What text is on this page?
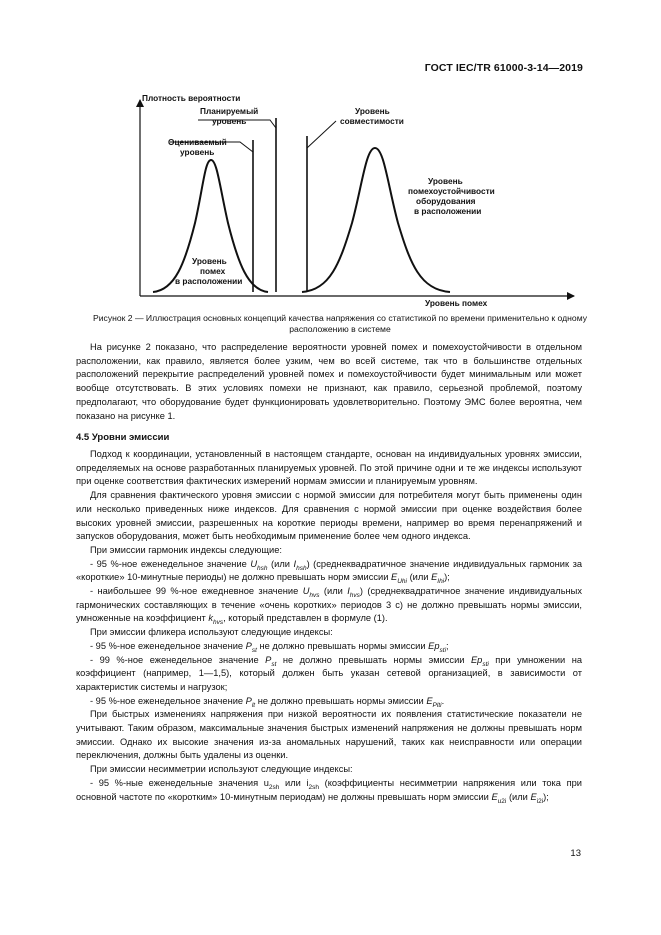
ГОСТ IEC/TR 61000-3-14—2019
Плотность вероятности
Уровень помех
Планируемый уровень
Оцениваемый уровень
Уровень совместимости
Уровень помехоустойчивости оборудования в расположении
Уровень помех в расположении
Рисунок 2 — Иллюстрация основных концепций качества напряжения со статистикой по времени применительно к одному расположению в системе

На рисунке 2 показано, что распределение вероятности уровней помех и помехоустойчивости в отдельном расположении, как правило, является более узким, чем во всей системе, так что в большинстве отдельных расположений перекрытие распределений уровней помех и помехоустойчивости будет минимальным или может вообще отсутствовать. В этих условиях помехи не признают, как правило, серьезной проблемой, поэтому предполагают, что оборудование будет функционировать удовлетворительно. Поэтому ЭМС более вероятна, чем показано на рисунке 1.

4.5 Уровни эмиссии

Подход к координации, установленный в настоящем стандарте, основан на индивидуальных уровнях эмиссии, определяемых на основе разработанных планируемых уровней. По этой причине одни и те же индексы используют при оценке соответствия фактических измерений нормам эмиссии и планируемым уровням.

Для сравнения фактического уровня эмиссии с нормой эмиссии для потребителя могут быть применены один или несколько приведенных ниже индексов. Для сравнения с нормой эмиссии при оценке воздействия более высоких уровней эмиссии, разрешенных на короткие периоды времени, например во время перенапряжений и запусков оборудования, может быть необходимым применение более чем одного индекса.

При эмиссии гармоник индексы следующие:

- 95 %-ное еженедельное значение $U_{hsh}$ (или $I_{hsh}$) (среднеквадратичное значение индивидуальных гармоник за «короткие» 10-минутные периоды) не должно превышать норм эмиссии $E_{Uhi}$ (или $E_{Ihi}$);

- наибольшее 99 %-ное ежедневное значение $U_{hvs}$ (или $I_{hvs}$) (среднеквадратичное значение индивидуальных гармонических составляющих в течение «очень коротких» периодов 3 с) не должно превышать нормы эмиссии, умноженные на коэффициент $k_{hvs}$, который представлен в формуле (1).

При эмиссии фликера используют следующие индексы:

- 95 %-ное еженедельное значение $P_{st}$ не должно превышать нормы эмиссии $Ep_{sti}$;

- 99 %-ное еженедельное значение $P_{st}$ не должно превышать нормы эмиссии $Ep_{sti}$ при умножении на коэффициент (например, 1—1,5), который должен быть указан сетевой организацией, в зависимости от характеристик системы и нагрузок;

- 95 %-ное еженедельное значение $P_{lt}$ не должно превышать нормы эмиссии $E_{Plti}$.

При быстрых изменениях напряжения при низкой вероятности их появления статистические показатели не учитывают. Таким образом, максимальные значения быстрых изменений напряжения не должны превышать норм эмиссии. Однако их высокие значения из-за аномальных нарушений, таких как неисправности или операции переключения, должны быть удалены из оценки.

При эмиссии несимметрии используют следующие индексы:

- 95 %-ные еженедельные значения $u_{2sh}$ или $i_{2sh}$ (коэффициенты несимметрии напряжения или тока при основной частоте по «коротким» 10-минутным периодам) не должны превышать норм эмиссии $E_{u2i}$ (или $E_{i2i}$);

13
